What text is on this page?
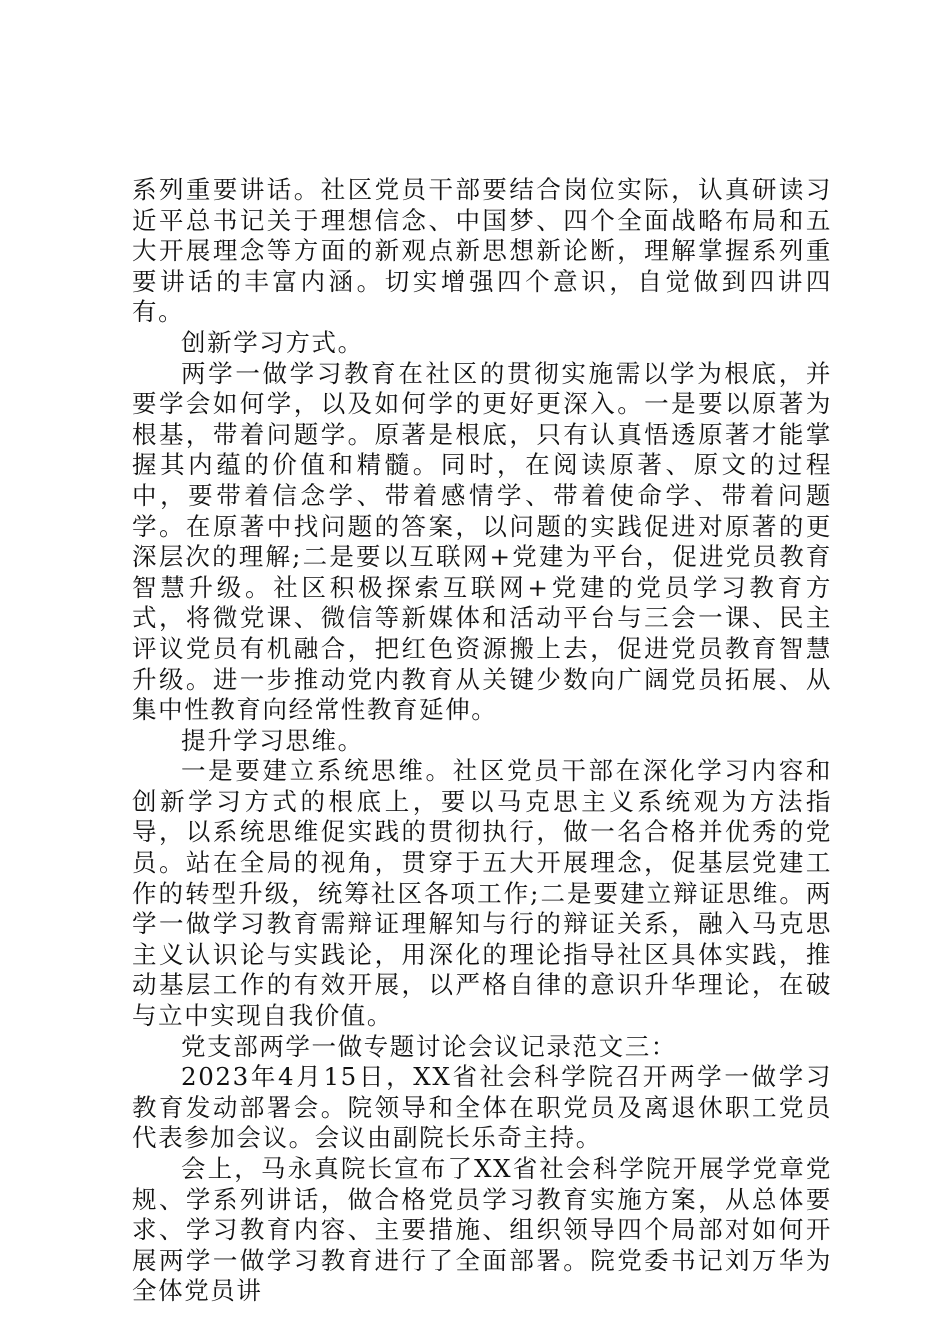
系列重要讲话。社区党员干部要结合岗位实际，认真研读习近平总书记关于理想信念、中国梦、四个全面战略布局和五大开展理念等方面的新观点新思想新论断，理解掌握系列重要讲话的丰富内涵。切实增强四个意识，自觉做到四讲四有。

创新学习方式。

两学一做学习教育在社区的贯彻实施需以学为根底，并要学会如何学，以及如何学的更好更深入。一是要以原著为根基，带着问题学。原著是根底，只有认真悟透原著才能掌握其内蕴的价值和精髓。同时，在阅读原著、原文的过程中，要带着信念学、带着感情学、带着使命学、带着问题学。在原著中找问题的答案，以问题的实践促进对原著的更深层次的理解;二是要以互联网+党建为平台，促进党员教育智慧升级。社区积极探索互联网+党建的党员学习教育方式，将微党课、微信等新媒体和活动平台与三会一课、民主评议党员有机融合，把红色资源搬上去，促进党员教育智慧升级。进一步推动党内教育从关键少数向广阔党员拓展、从集中性教育向经常性教育延伸。

提升学习思维。

一是要建立系统思维。社区党员干部在深化学习内容和创新学习方式的根底上，要以马克思主义系统观为方法指导，以系统思维促实践的贯彻执行，做一名合格并优秀的党员。站在全局的视角，贯穿于五大开展理念，促基层党建工作的转型升级，统筹社区各项工作;二是要建立辩证思维。两学一做学习教育需辩证理解知与行的辩证关系，融入马克思主义认识论与实践论，用深化的理论指导社区具体实践，推动基层工作的有效开展，以严格自律的意识升华理论，在破与立中实现自我价值。

党支部两学一做专题讨论会议记录范文三：

2023年4月15日，XX省社会科学院召开两学一做学习教育发动部署会。院领导和全体在职党员及离退休职工党员代表参加会议。会议由副院长乐奇主持。

会上，马永真院长宣布了XX省社会科学院开展学党章党规、学系列讲话，做合格党员学习教育实施方案，从总体要求、学习教育内容、主要措施、组织领导四个局部对如何开展两学一做学习教育进行了全面部署。院党委书记刘万华为全体党员讲
